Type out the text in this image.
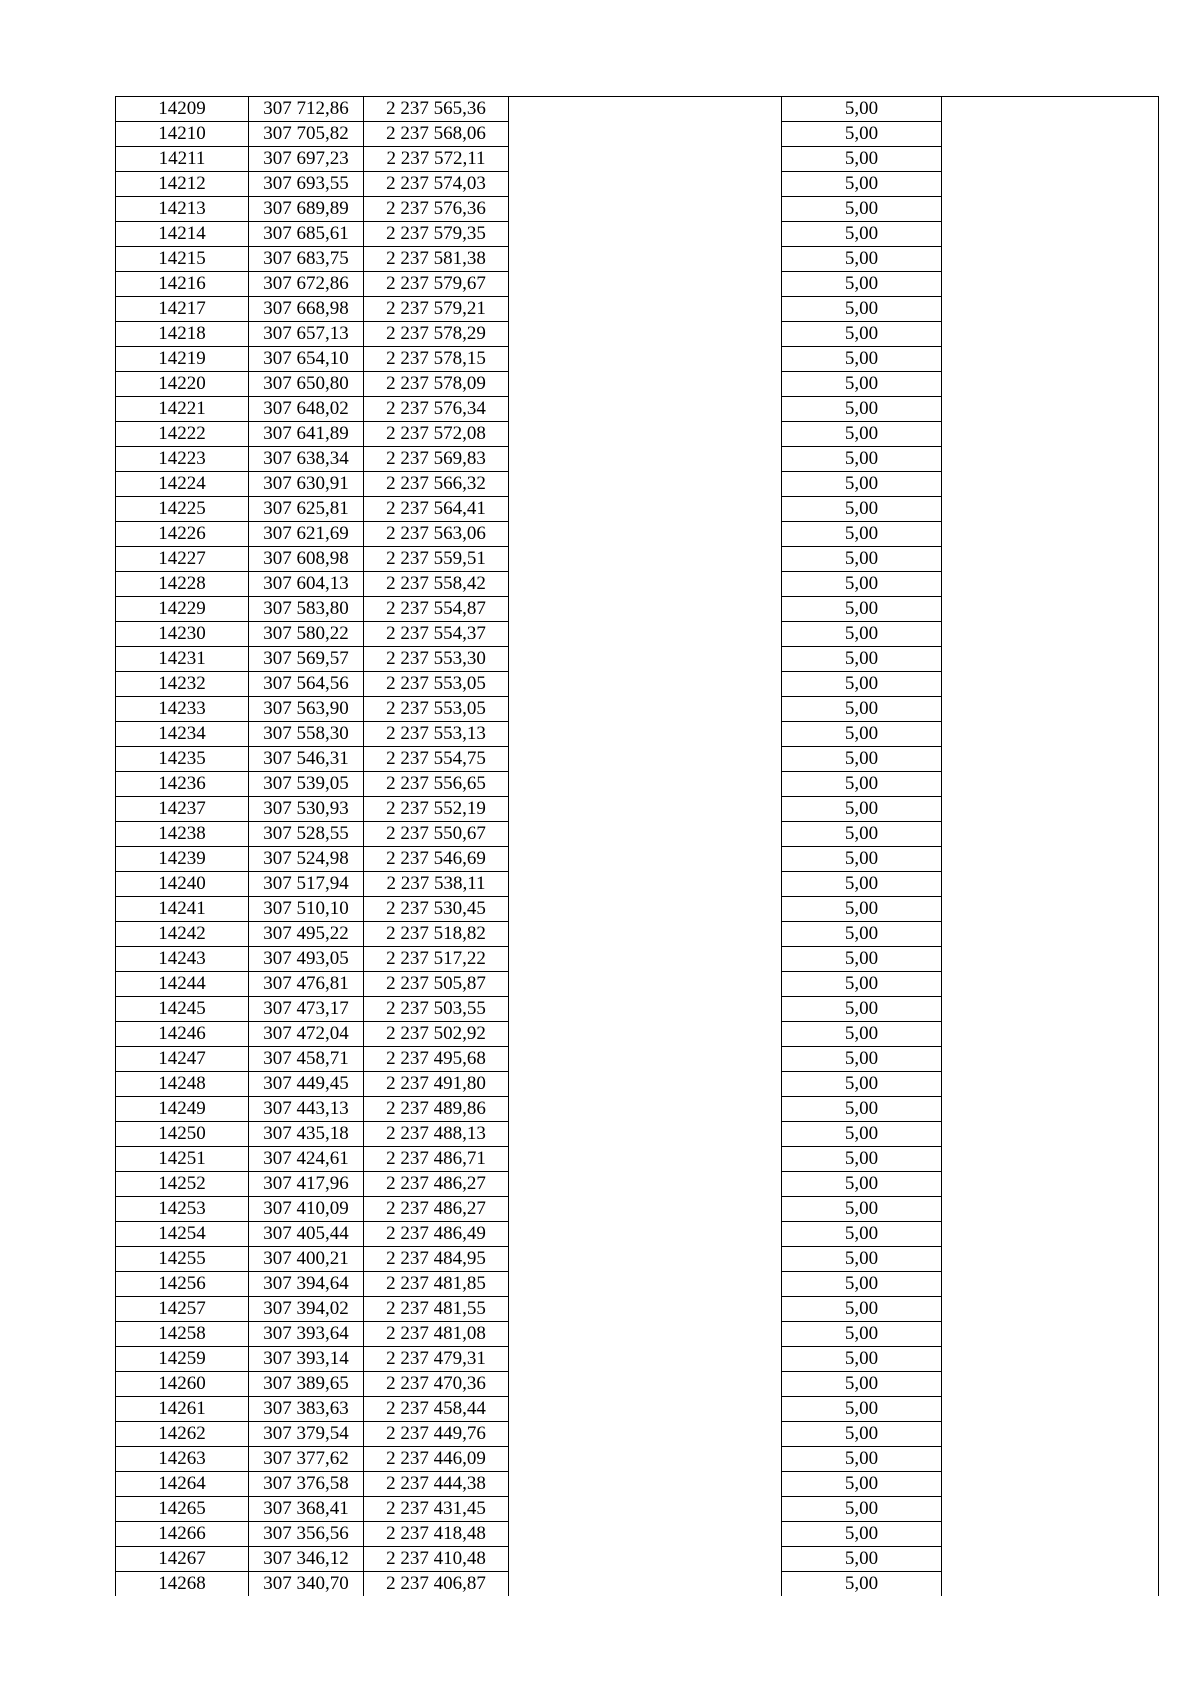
14209	307 712,86	2 237 565,36		5,00	
14210	307 705,82	2 237 568,06		5,00	
14211	307 697,23	2 237 572,11		5,00	
14212	307 693,55	2 237 574,03		5,00	
14213	307 689,89	2 237 576,36		5,00	
14214	307 685,61	2 237 579,35		5,00	
14215	307 683,75	2 237 581,38		5,00	
14216	307 672,86	2 237 579,67		5,00	
14217	307 668,98	2 237 579,21		5,00	
14218	307 657,13	2 237 578,29		5,00	
14219	307 654,10	2 237 578,15		5,00	
14220	307 650,80	2 237 578,09		5,00	
14221	307 648,02	2 237 576,34		5,00	
14222	307 641,89	2 237 572,08		5,00	
14223	307 638,34	2 237 569,83		5,00	
14224	307 630,91	2 237 566,32		5,00	
14225	307 625,81	2 237 564,41		5,00	
14226	307 621,69	2 237 563,06		5,00	
14227	307 608,98	2 237 559,51		5,00	
14228	307 604,13	2 237 558,42		5,00	
14229	307 583,80	2 237 554,87		5,00	
14230	307 580,22	2 237 554,37		5,00	
14231	307 569,57	2 237 553,30		5,00	
14232	307 564,56	2 237 553,05		5,00	
14233	307 563,90	2 237 553,05		5,00	
14234	307 558,30	2 237 553,13		5,00	
14235	307 546,31	2 237 554,75		5,00	
14236	307 539,05	2 237 556,65		5,00	
14237	307 530,93	2 237 552,19		5,00	
14238	307 528,55	2 237 550,67		5,00	
14239	307 524,98	2 237 546,69		5,00	
14240	307 517,94	2 237 538,11		5,00	
14241	307 510,10	2 237 530,45		5,00	
14242	307 495,22	2 237 518,82		5,00	
14243	307 493,05	2 237 517,22		5,00	
14244	307 476,81	2 237 505,87		5,00	
14245	307 473,17	2 237 503,55		5,00	
14246	307 472,04	2 237 502,92		5,00	
14247	307 458,71	2 237 495,68		5,00	
14248	307 449,45	2 237 491,80		5,00	
14249	307 443,13	2 237 489,86		5,00	
14250	307 435,18	2 237 488,13		5,00	
14251	307 424,61	2 237 486,71		5,00	
14252	307 417,96	2 237 486,27		5,00	
14253	307 410,09	2 237 486,27		5,00	
14254	307 405,44	2 237 486,49		5,00	
14255	307 400,21	2 237 484,95		5,00	
14256	307 394,64	2 237 481,85		5,00	
14257	307 394,02	2 237 481,55		5,00	
14258	307 393,64	2 237 481,08		5,00	
14259	307 393,14	2 237 479,31		5,00	
14260	307 389,65	2 237 470,36		5,00	
14261	307 383,63	2 237 458,44		5,00	
14262	307 379,54	2 237 449,76		5,00	
14263	307 377,62	2 237 446,09		5,00	
14264	307 376,58	2 237 444,38		5,00	
14265	307 368,41	2 237 431,45		5,00	
14266	307 356,56	2 237 418,48		5,00	
14267	307 346,12	2 237 410,48		5,00	
14268	307 340,70	2 237 406,87		5,00	
